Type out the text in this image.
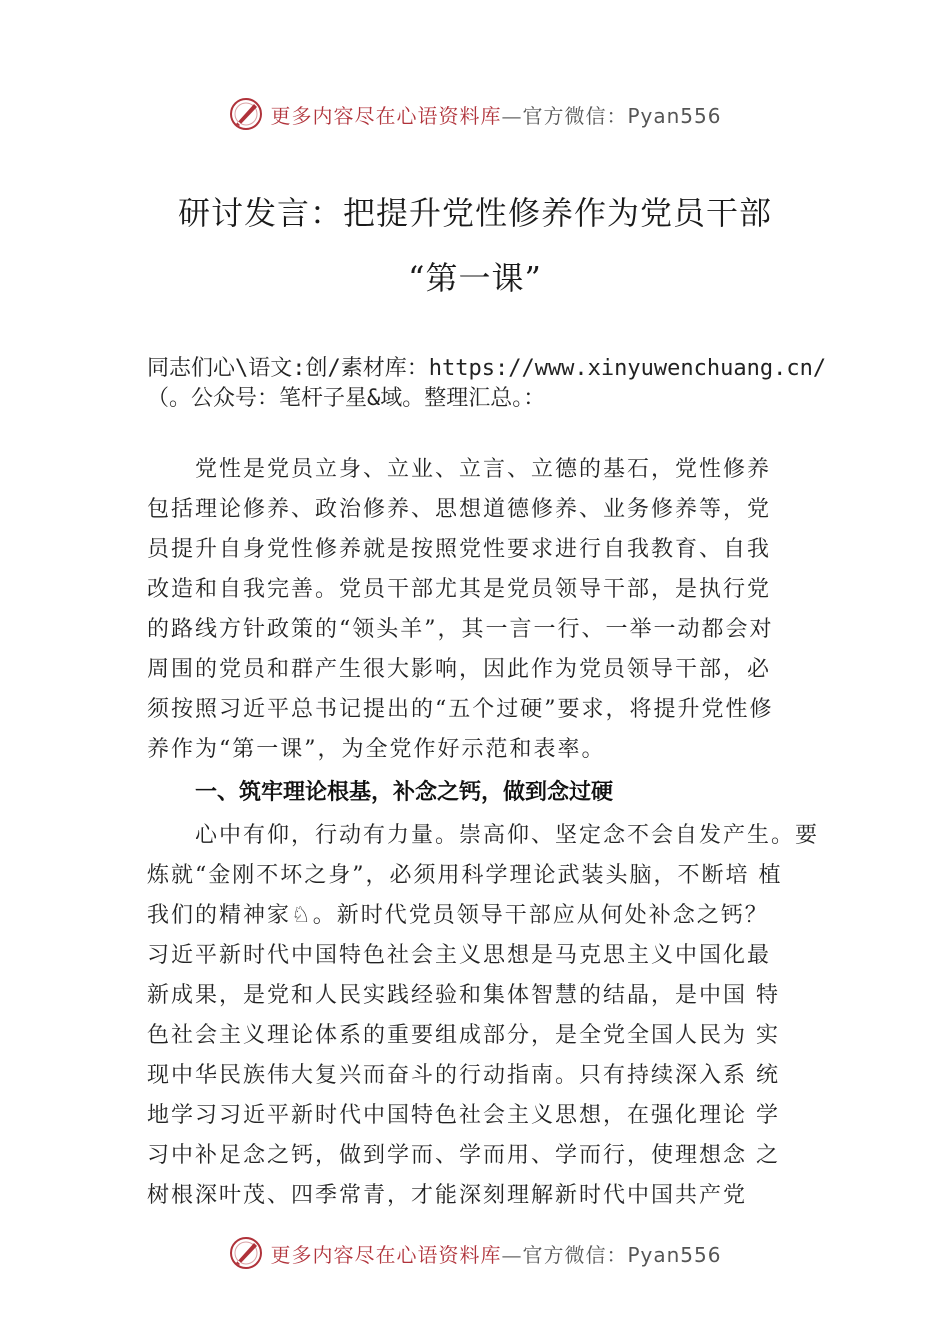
更多内容尽在心语资料库—官方微信：Pyan556
研讨发言：把提升党性修养作为党员干部
“第一课”
同志们心\语文:创/素材库：https://www.xinyuwenchuang.cn/（。公众号：笔杆子星&域。整理汇总。：
　　党性是党员立身、立业、立言、立德的基石，党性修养
包括理论修养、政治修养、思想道德修养、业务修养等，党
员提升自身党性修养就是按照党性要求进行自我教育、自我
改造和自我完善。党员干部尤其是党员领导干部，是执行党
的路线方针政策的“领头羊”，其一言一行、一举一动都会对
周围的党员和群产生很大影响，因此作为党员领导干部，必
须按照习近平总书记提出的“五个过硬”要求，将提升党性修
养作为“第一课”，为全党作好示范和表率。
一、筑牢理论根基，补念之钙，做到念过硬
　　心中有仰，行动有力量。崇高仰、坚定念不会自发产生。要
炼就“金刚不坏之身”，必须用科学理论武装头脑，不断培 植
我们的精神家♘。新时代党员领导干部应从何处补念之钙？
习近平新时代中国特色社会主义思想是马克思主义中国化最
新成果，是党和人民实践经验和集体智慧的结晶，是中国 特
色社会主义理论体系的重要组成部分，是全党全国人民为 实
现中华民族伟大复兴而奋斗的行动指南。只有持续深入系 统
地学习习近平新时代中国特色社会主义思想，在强化理论 学
习中补足念之钙，做到学而、学而用、学而行，使理想念 之
树根深叶茂、四季常青，才能深刻理解新时代中国共产党
更多内容尽在心语资料库—官方微信：Pyan556
